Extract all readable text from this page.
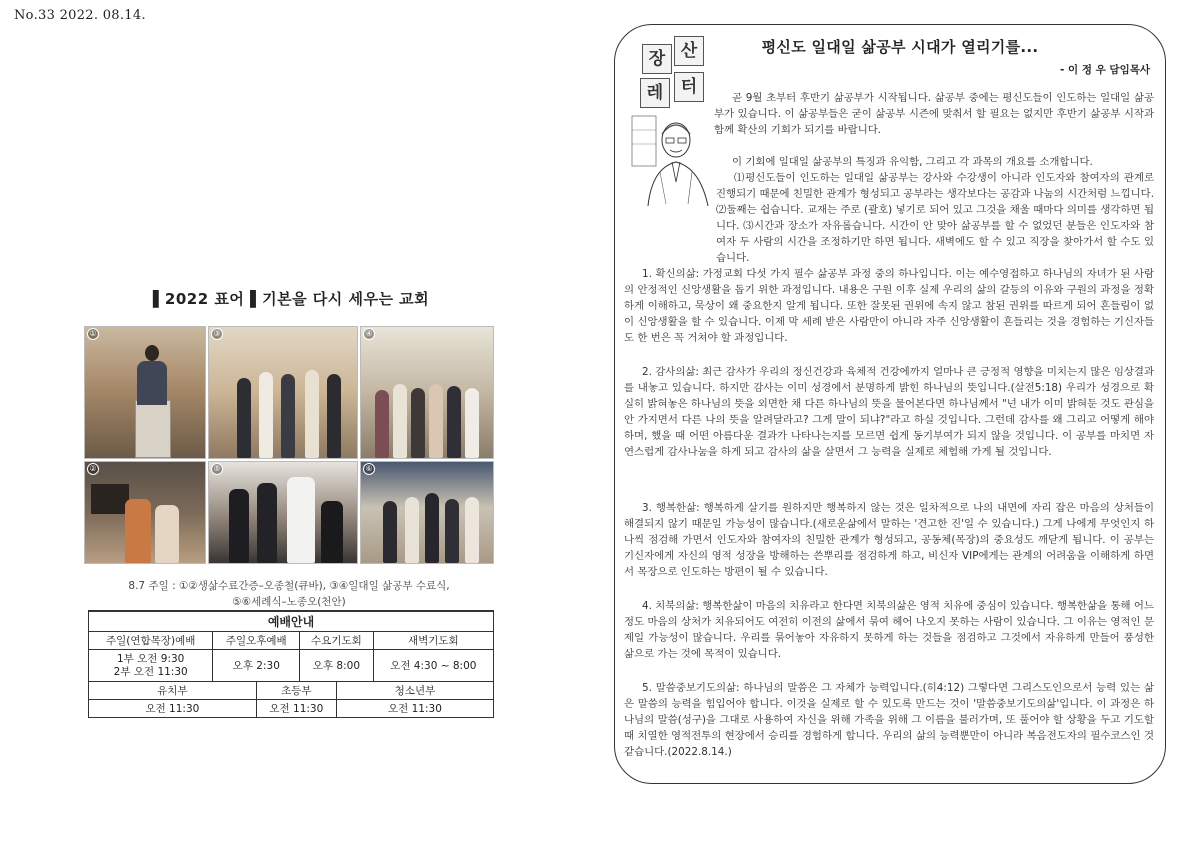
No.33 2022. 08.14.
▌2022 표어▐ 기본을 다시 세우는 교회
①	③	④
②	⑤	⑥
8.7 주일 : ①②생삶수료간증–오종철(큐바), ③④일대일 삶공부 수료식,
⑤⑥세례식–노종오(천안)
예배안내					
주일(연합목장)예배	주일오후예배		수요기도회		새벽기도회
1부 오전 9:30
2부 오전 11:30	오후 2:30		오후 8:00		오전 4:30 ~ 8:00
유치부		초등부		청소년부	
오전 11:30		오전 11:30		오전 11:30	
장 산
레	터
평신도 일대일 삶공부 시대가 열리기를...
- 이 정 우 담임목사
곧 9월 초부터 후반기 삶공부가 시작됩니다. 삶공부 중에는 평신도들이 인도하는 일대일 삶공부가 있습니다. 이 삶공부들은 굳이 삶공부 시즌에 맞춰서 할 필요는 없지만 후반기 삶공부 시작과 함께 확산의 기회가 되기를 바랍니다.
이 기회에 일대일 삶공부의 특징과 유익함, 그리고 각 과목의 개요를 소개합니다.
⑴평신도들이 인도하는 일대일 삶공부는 강사와 수강생이 아니라 인도자와 참여자의 관계로 진행되기 때문에 친밀한 관계가 형성되고 공부라는 생각보다는 공감과 나눔의 시간처럼 느낍니다. ⑵둘째는 쉽습니다. 교재는 주로 (괄호) 넣기로 되어 있고 그것을 채울 때마다 의미를 생각하면 됩니다. ⑶시간과 장소가 자유롭습니다. 시간이 안 맞아 삶공부를 할 수 없었던 분들은 인도자와 참여자 두 사람의 시간을 조정하기만 하면 됩니다. 새벽에도 할 수 있고 직장을 찾아가서 할 수도 있습니다.
1. 확신의삶: 가정교회 다섯 가지 필수 삶공부 과정 중의 하나입니다. 이는 예수영접하고 하나님의 자녀가 된 사람의 안정적인 신앙생활을 돕기 위한 과정입니다. 내용은 구원 이후 실제 우리의 삶의 갈등의 이유와 구원의 과정을 정확하게 이해하고, 묵상이 왜 중요한지 알게 됩니다. 또한 잘못된 권위에 속지 않고 참된 권위를 따르게 되어 흔들림이 없이 신앙생활을 할 수 있습니다. 이제 막 세례 받은 사람만이 아니라 자주 신앙생활이 흔들리는 것을 경험하는 기신자들도 한 번은 꼭 거쳐야 할 과정입니다.
2. 감사의삶: 최근 감사가 우리의 정신건강과 육체적 건강에까지 얼마나 큰 긍정적 영향을 미치는지 많은 임상결과를 내놓고 있습니다. 하지만 감사는 이미 성경에서 분명하게 밝힌 하나님의 뜻입니다.(살전5:18) 우리가 성경으로 확실히 밝혀놓은 하나님의 뜻을 외면한 채 다른 하나님의 뜻을 물어본다면 하나님께서 "넌 내가 이미 밝혀둔 것도 관심을 안 가지면서 다른 나의 뜻을 알려달라고? 그게 말이 되냐?"라고 하실 것입니다. 그런데 감사를 왜 그리고 어떻게 해야 하며, 했을 때 어떤 아름다운 결과가 나타나는지를 모르면 쉽게 동기부여가 되지 않을 것입니다. 이 공부를 마치면 자연스럽게 감사나눔을 하게 되고 감사의 삶을 살면서 그 능력을 실제로 체험해 가게 될 것입니다.
3. 행복한삶: 행복하게 살기를 원하지만 행복하지 않는 것은 일차적으로 나의 내면에 자리 잡은 마음의 상처들이 해결되지 않기 때문일 가능성이 많습니다.(새로운삶에서 말하는 '견고한 진'일 수 있습니다.) 그게 나에게 무엇인지 하나씩 점검해 가면서 인도자와 참여자의 친밀한 관계가 형성되고, 공동체(목장)의 중요성도 깨닫게 됩니다. 이 공부는 기신자에게 자신의 영적 성장을 방해하는 쓴뿌리를 점검하게 하고, 비신자 VIP에게는 관계의 어려움을 이해하게 하면서 목장으로 인도하는 방편이 될 수 있습니다.
4. 치북의삶: 행복한삶이 마음의 치유라고 한다면 치북의삶은 영적 치유에 중심이 있습니다. 행복한삶을 통해 어느 정도 마음의 상처가 치유되어도 여전히 이전의 삶에서 묶여 헤어 나오지 못하는 사람이 있습니다. 그 이유는 영적인 문제일 가능성이 많습니다. 우리를 묶어놓아 자유하지 못하게 하는 것들을 점검하고 그것에서 자유하게 만들어 풍성한 삶으로 가는 것에 목적이 있습니다.
5. 말씀중보기도의삶: 하나님의 말씀은 그 자체가 능력입니다.(히4:12) 그렇다면 그리스도인으로서 능력 있는 삶은 말씀의 능력을 힘입어야 합니다. 이것을 실제로 할 수 있도록 만드는 것이 '말씀중보기도의삶'입니다. 이 과정은 하나님의 말씀(성구)을 그대로 사용하여 자신을 위해 가족을 위해 그 이름을 불러가며, 또 풀어야 할 상황을 두고 기도할 때 치열한 영적전투의 현장에서 승리를 경험하게 합니다. 우리의 삶의 능력뿐만이 아니라 복음전도자의 필수코스인 것 같습니다.(2022.8.14.)
